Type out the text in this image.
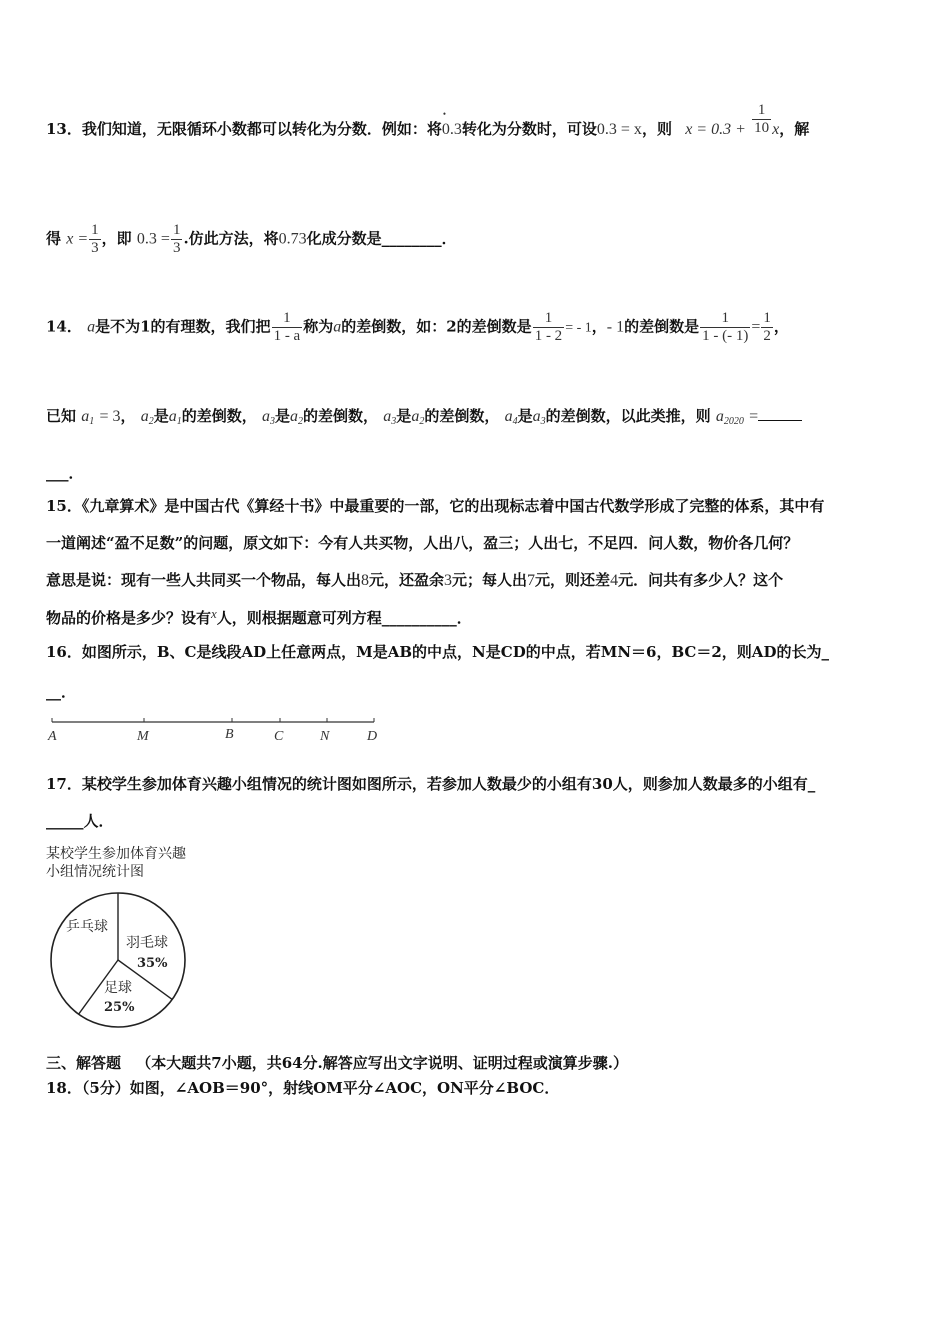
13．我们知道，无限循环小数都可以转化为分数．例如：将• 0.3转化为分数时，可设0.3 = x，则 $x = 0.3 + \frac{1}{10}$ x，解
得 $x = \frac{1}{3}$ ，即 $0.3 = \frac{1}{3}$ .仿此方法，将0.73化成分数是________．
14． a是不为1的有理数，我们把 $\frac{1}{1 - a}$ 称为a的差倒数，如：2的差倒数是 $\frac{1}{1 - 2}$ = - 1，- 1的差倒数是 $\frac{1}{1 - (- 1)} = \frac{1}{2}$ ，
已知 $a_1 = 3$， $a_2$是$a_1$的差倒数， $a_3$是$a_2$的差倒数， $a_3$是$a_2$的差倒数， $a_4$是$a_3$的差倒数，以此类推，则 $a_{2020}$ =
___．
15．《九章算术》是中国古代《算经十书》中最重要的一部，它的出现标志着中国古代数学形成了完整的体系，其中有
一道阐述“盈不足数”的问题，原文如下：今有人共买物，人出八，盈三；人出七，不足四．问人数，物价各几何？
意思是说：现有一些人共同买一个物品，每人出8元，还盈余3元；每人出7元，则还差4元．问共有多少人？这个
物品的价格是多少？设有x人，则根据题意可列方程__________．
16．如图所示，B、C是线段AD上任意两点，M是AB的中点，N是CD的中点，若MN＝6，BC＝2，则AD的长为_
__．
A	M	B	C	N	D
17．某校学生参加体育兴趣小组情况的统计图如图所示，若参加人数最少的小组有30人，则参加人数最多的小组有_
_____人．
某校学生参加体育兴趣
小组情况统计图
羽毛球
35%
足球
25%
乒乓球
三、解答题 （本大题共7小题，共64分.解答应写出文字说明、证明过程或演算步骤.）
18．（5分）如图，∠AOB＝90°，射线OM平分∠AOC，ON平分∠BOC．
